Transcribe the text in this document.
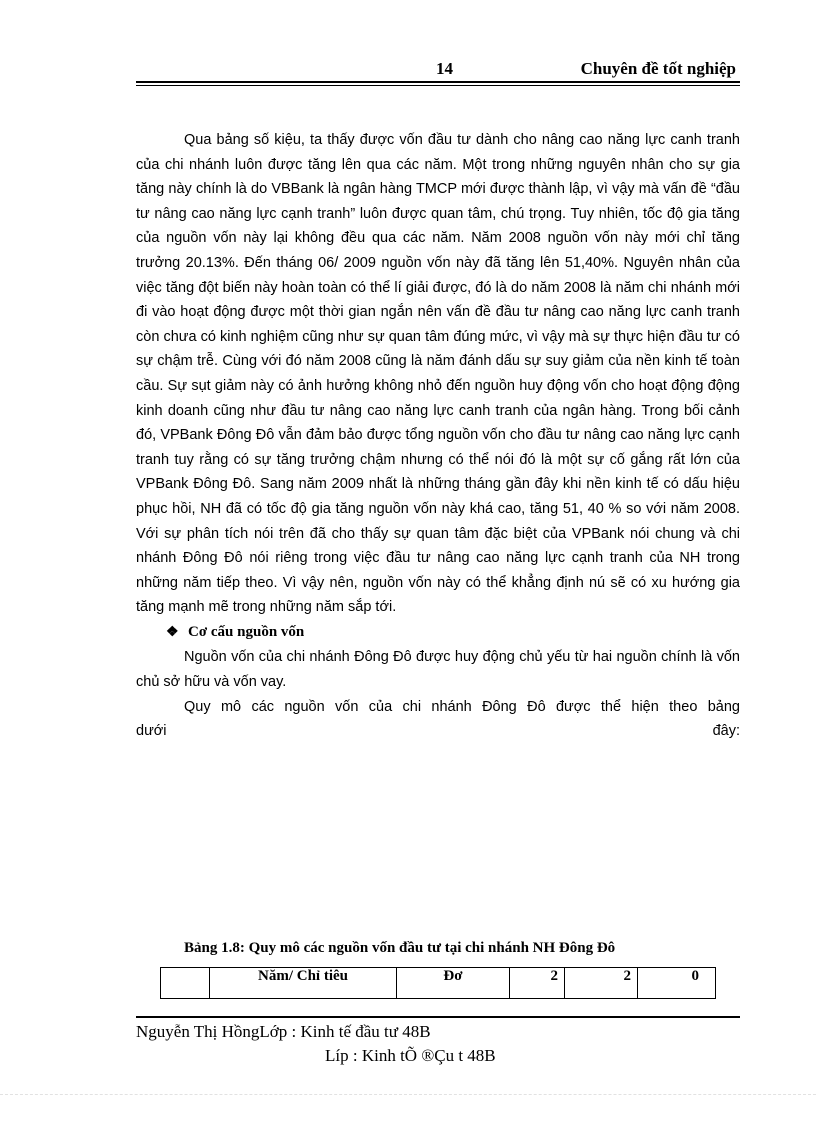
14	Chuyên đề tốt nghiệp

Qua bảng số kiệu, ta thấy được vốn đầu tư dành cho nâng cao năng lực canh tranh của chi nhánh luôn được tăng lên qua các năm. Một trong những nguyên nhân cho sự gia tăng này chính là do VBBank là ngân hàng TMCP mới được thành lập, vì vậy mà vấn đề “đầu tư nâng cao năng lực cạnh tranh” luôn được quan tâm, chú trọng. Tuy nhiên, tốc độ gia tăng của nguồn vốn này lại không đều qua các năm. Năm 2008 nguồn vốn này mới chỉ tăng trưởng 20.13%. Đến tháng 06/ 2009 nguồn vốn này đã tăng lên 51,40%. Nguyên nhân của việc tăng đột biến này hoàn toàn có thể lí giải được, đó là do năm 2008 là năm chi nhánh mới đi vào hoạt động được một thời gian ngắn nên vấn đề đầu tư nâng cao năng lực canh tranh còn chưa có kinh nghiệm cũng như sự quan tâm đúng mức, vì vậy mà sự thực hiện đầu tư có sự chậm trễ. Cùng với đó năm 2008 cũng là năm đánh dấu sự suy giảm của nền kinh tế toàn cầu. Sự sụt giảm này có ảnh hưởng không nhỏ đến nguồn huy động vốn cho hoạt động động kinh doanh cũng như đầu tư nâng cao năng lực canh tranh của ngân hàng. Trong bối cảnh đó, VPBank Đông Đô vẫn đảm bảo được tổng nguồn vốn cho đầu tư nâng cao năng lực cạnh tranh tuy rằng có sự tăng trưởng chậm nhưng có thể nói đó là một sự cố gắng rất lớn của VPBank Đông Đô. Sang năm 2009 nhất là những tháng gần đây khi nền kinh tế có dấu hiệu phục hồi, NH đã có tốc độ gia tăng nguồn vốn này khá cao, tăng 51, 40 % so với năm 2008. Với sự phân tích nói trên đã cho thấy sự quan tâm đặc biệt của VPBank nói chung và chi nhánh Đông Đô nói riêng trong việc đầu tư nâng cao năng lực cạnh tranh của NH trong những năm tiếp theo. Vì vậy nên, nguồn vốn này có thể khẳng định nú sẽ có xu hướng gia tăng mạnh mẽ trong những năm sắp tới.

❖ Cơ cấu nguồn vốn

Nguồn vốn của chi nhánh Đông Đô được huy động chủ yếu từ hai nguồn chính là vốn chủ sở hữu và vốn vay.

Quy mô các nguồn vốn của chi nhánh Đông Đô được thể hiện theo bảng

dưới	đây:

Bảng 1.8: Quy mô các nguồn vốn đầu tư tại chi nhánh NH Đông Đô
	Năm/ Chỉ tiêu	Đơ	2	2	0
Nguyễn Thị HồngLớp : Kinh tế đầu tư 48B
Líp : Kinh tÕ ®Çu t 48B
